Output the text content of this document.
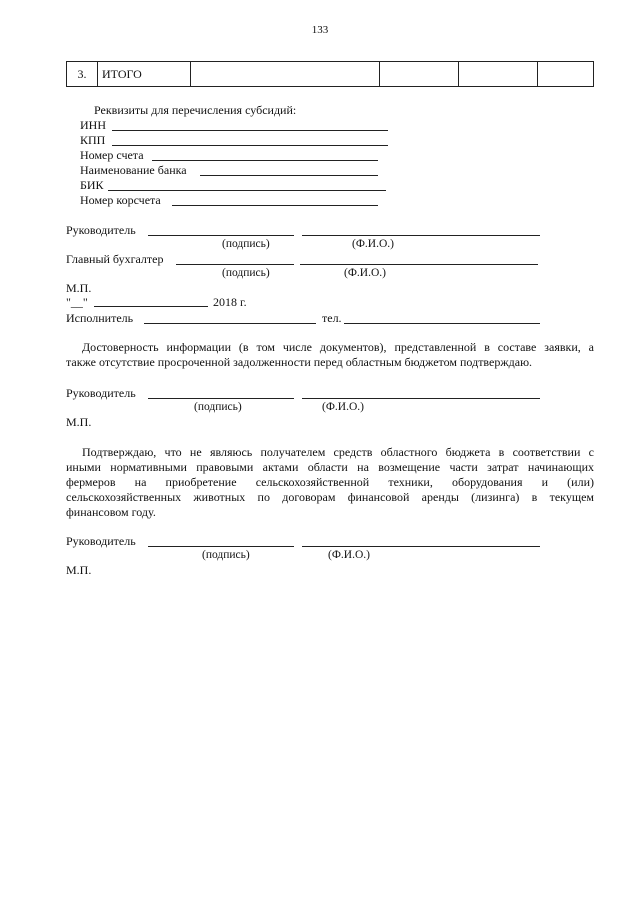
133
3.	ИТОГО				
Реквизиты для перечисления субсидий:
ИНН
КПП
Номер счета
Наименование банка
БИК
Номер корсчета
Руководитель
(подпись)	(Ф.И.О.)
Главный бухгалтер
(подпись)	(Ф.И.О.)
М.П.
"__"	2018 г.
Исполнитель	тел.
Достоверность информации (в том числе документов), представленной в составе заявки, а
также отсутствие просроченной задолженности перед областным бюджетом подтверждаю.
Руководитель
(подпись)	(Ф.И.О.)
М.П.
Подтверждаю, что не являюсь получателем средств областного бюджета в соответствии с
иными нормативными правовыми актами области на возмещение части затрат начинающих
фермеров на приобретение сельскохозяйственной техники, оборудования и (или)
сельскохозяйственных животных по договорам финансовой аренды (лизинга) в текущем
финансовом году.
Руководитель
(подпись)	(Ф.И.О.)
М.П.
